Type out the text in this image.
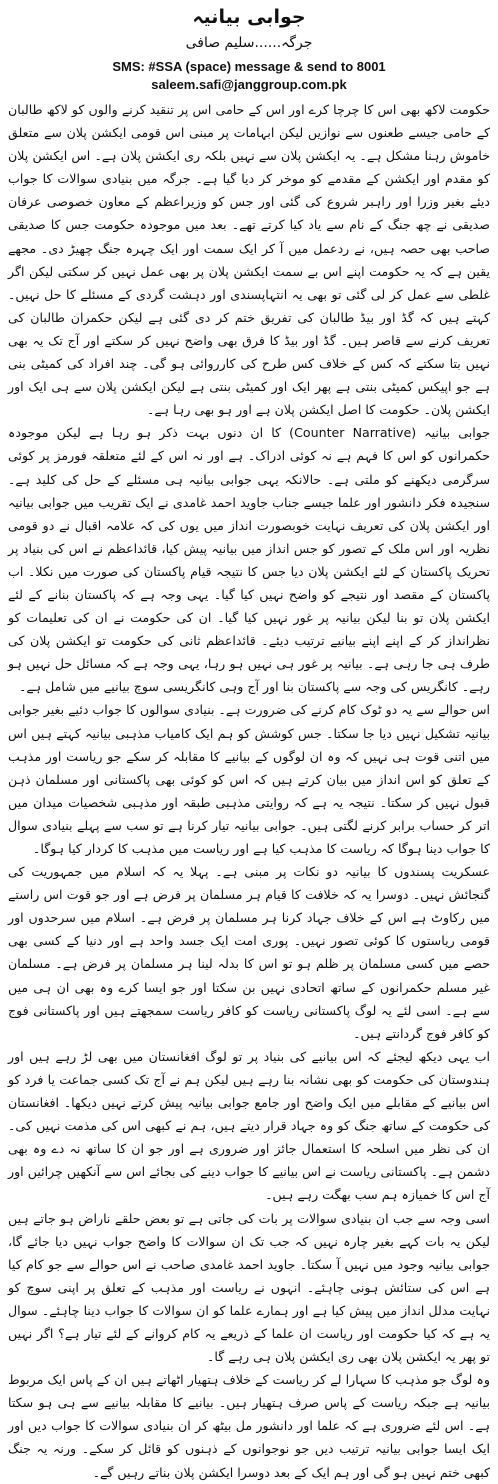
جوابی بیانیہ
جرگہ......سلیم صافی
SMS: #SSA (space) message & send to 8001
saleem.safi@janggroup.com.pk

حکومت لاکھ بھی اس کا چرچا کرے اور اس کے حامی اس پر تنقید کرنے والوں کو لاکھ طالبان کے حامی جیسے طعنوں سے نوازیں لیکن ابہامات پر مبنی اس قومی ایکشن پلان سے متعلق خاموش رہنا مشکل ہے۔ یہ ایکشن پلان سے نہیں بلکہ ری ایکشن پلان ہے۔ اس ایکشن پلان کو مقدم اور ایکشن کے مقدمے کو موخر کر دیا گیا ہے۔ جرگہ میں بنیادی سوالات کا جواب دیئے بغیر وزرا اور راہبر شروع کی گئی اور جس کو وزیراعظم کے معاون خصوصی عرفان صدیقی نے چھ جنگ کے نام سے یاد کیا کرتے تھے۔ بعد میں موجودہ حکومت جس کا صدیقی صاحب بھی حصہ ہیں، نے ردعمل میں آ کر ایک سمت اور ایک چہرہ جنگ چھیڑ دی۔ مجھے یقین ہے کہ یہ حکومت اپنے اس بے سمت ایکشن پلان پر بھی عمل نہیں کر سکتی لیکن اگر غلطی سے عمل کر لی گئی تو بھی یہ انتہاپسندی اور دہشت گردی کے مسئلے کا حل نہیں۔ کہتے ہیں کہ گڈ اور بیڈ طالبان کی تفریق ختم کر دی گئی ہے لیکن حکمران طالبان کی تعریف کرنے سے قاصر ہیں۔ گڈ اور بیڈ کا فرق بھی واضح نہیں کر سکتے اور آج تک یہ بھی نہیں بتا سکتے کہ کس کے خلاف کس طرح کی کارروائی ہو گی۔ چند افراد کی کمیٹی بنی ہے جو اپیکس کمیٹی بنتی ہے پھر ایک اور کمیٹی بنتی ہے لیکن ایکشن پلان سے ہی ایک اور ایکشن پلان۔ حکومت کا اصل ایکشن پلان ہے اور ہو بھی رہا ہے۔

جوابی بیانیہ (Counter Narrative) کا ان دنوں بہت ذکر ہو رہا ہے لیکن موجودہ حکمرانوں کو اس کا فہم ہے نہ کوئی ادراک۔ ہے اور نہ اس کے لئے متعلقہ فورمز پر کوئی سرگرمی دیکھنے کو ملتی ہے۔ حالانکہ یہی جوابی بیانیہ ہی مسئلے کے حل کی کلید ہے۔ سنجیدہ فکر دانشور اور علما جیسے جناب جاوید احمد غامدی نے ایک تقریب میں جوابی بیانیہ اور ایکشن پلان کی تعریف نہایت خوبصورت انداز میں یوں کی کہ علامہ اقبال نے دو قومی نظریہ اور اس ملک کے تصور کو جس انداز میں بیانیہ پیش کیا، قائداعظم نے اس کی بنیاد پر تحریک پاکستان کے لئے ایکشن پلان دیا جس کا نتیجہ قیام پاکستان کی صورت میں نکلا۔ اب پاکستان کے مقصد اور نتیجے کو واضح نہیں کیا گیا۔ یہی وجہ ہے کہ پاکستان بنانے کے لئے ایکشن پلان تو بنا لیکن بیانیہ پر غور نہیں کیا گیا۔ ان کی حکومت نے ان کی تعلیمات کو نظرانداز کر کے اپنے اپنے بیانیے ترتیب دیئے۔ قائداعظم ثانی کی حکومت تو ایکشن پلان کی طرف ہی جا رہی ہے۔ بیانیہ پر غور ہی نہیں ہو رہا، یہی وجہ ہے کہ مسائل حل نہیں ہو رہے۔ کانگریس کی وجہ سے پاکستان بنا اور آج وہی کانگریسی سوچ بیانیے میں شامل ہے۔

اس حوالے سے یہ دو ٹوک کام کرنے کی ضرورت ہے۔ بنیادی سوالوں کا جواب دئیے بغیر جوابی بیانیہ تشکیل نہیں دیا جا سکتا۔ جس کوشش کو ہم ایک کامیاب مذہبی بیانیہ کہتے ہیں اس میں اتنی قوت ہی نہیں کہ وہ ان لوگوں کے بیانیے کا مقابلہ کر سکے جو ریاست اور مذہب کے تعلق کو اس انداز میں بیان کرتے ہیں کہ اس کو کوئی بھی پاکستانی اور مسلمان ذہن قبول نہیں کر سکتا۔ نتیجہ یہ ہے کہ روایتی مذہبی طبقہ اور مذہبی شخصیات میدان میں اتر کر حساب برابر کرنے لگتی ہیں۔ جوابی بیانیہ تیار کرنا ہے تو سب سے پہلے بنیادی سوال کا جواب دینا ہوگا کہ ریاست کا مذہب کیا ہے اور ریاست میں مذہب کا کردار کیا ہوگا۔

عسکریت پسندوں کا بیانیہ دو نکات پر مبنی ہے۔ پہلا یہ کہ اسلام میں جمہوریت کی گنجائش نہیں۔ دوسرا یہ کہ خلافت کا قیام ہر مسلمان پر فرض ہے اور جو قوت اس راستے میں رکاوٹ ہے اس کے خلاف جہاد کرنا ہر مسلمان پر فرض ہے۔ اسلام میں سرحدوں اور قومی ریاستوں کا کوئی تصور نہیں۔ پوری امت ایک جسد واحد ہے اور دنیا کے کسی بھی حصے میں کسی مسلمان پر ظلم ہو تو اس کا بدلہ لینا ہر مسلمان پر فرض ہے۔ مسلمان غیر مسلم حکمرانوں کے ساتھ اتحادی نہیں بن سکتا اور جو ایسا کرے وہ بھی ان ہی میں سے ہے۔ اسی لئے یہ لوگ پاکستانی ریاست کو کافر ریاست سمجھتے ہیں اور پاکستانی فوج کو کافر فوج گردانتے ہیں۔

اب یہی دیکھ لیجئے کہ اس بیانیے کی بنیاد پر تو لوگ افغانستان میں بھی لڑ رہے ہیں اور ہندوستان کی حکومت کو بھی نشانہ بنا رہے ہیں لیکن ہم نے آج تک کسی جماعت یا فرد کو اس بیانیے کے مقابلے میں ایک واضح اور جامع جوابی بیانیہ پیش کرتے نہیں دیکھا۔ افغانستان کی حکومت کے ساتھ جنگ کو وہ جہاد قرار دیتے ہیں، ہم نے کبھی اس کی مذمت نہیں کی۔ ان کی نظر میں اسلحہ کا استعمال جائز اور ضروری ہے اور جو ان کا ساتھ نہ دے وہ بھی دشمن ہے۔ پاکستانی ریاست نے اس بیانیے کا جواب دینے کی بجائے اس سے آنکھیں چرائیں اور آج اس کا خمیازہ ہم سب بھگت رہے ہیں۔

اسی وجہ سے جب ان بنیادی سوالات پر بات کی جاتی ہے تو بعض حلقے ناراض ہو جاتے ہیں لیکن یہ بات کہے بغیر چارہ نہیں کہ جب تک ان سوالات کا واضح جواب نہیں دیا جائے گا، جوابی بیانیہ وجود میں نہیں آ سکتا۔ جاوید احمد غامدی صاحب نے اس حوالے سے جو کام کیا ہے اس کی ستائش ہونی چاہئے۔ انہوں نے ریاست اور مذہب کے تعلق پر اپنی سوچ کو نہایت مدلل انداز میں پیش کیا ہے اور ہمارے علما کو ان سوالات کا جواب دینا چاہئے۔ سوال یہ ہے کہ کیا حکومت اور ریاست ان علما کے ذریعے یہ کام کروانے کے لئے تیار ہے؟ اگر نہیں تو پھر یہ ایکشن پلان بھی ری ایکشن پلان ہی رہے گا۔

وہ لوگ جو مذہب کا سہارا لے کر ریاست کے خلاف ہتھیار اٹھاتے ہیں ان کے پاس ایک مربوط بیانیہ ہے جبکہ ریاست کے پاس صرف ہتھیار ہیں۔ بیانیے کا مقابلہ بیانیے سے ہی ہو سکتا ہے۔ اس لئے ضروری ہے کہ علما اور دانشور مل بیٹھ کر ان بنیادی سوالات کا جواب دیں اور ایک ایسا جوابی بیانیہ ترتیب دیں جو نوجوانوں کے ذہنوں کو قائل کر سکے۔ ورنہ یہ جنگ کبھی ختم نہیں ہو گی اور ہم ایک کے بعد دوسرا ایکشن پلان بناتے رہیں گے۔
